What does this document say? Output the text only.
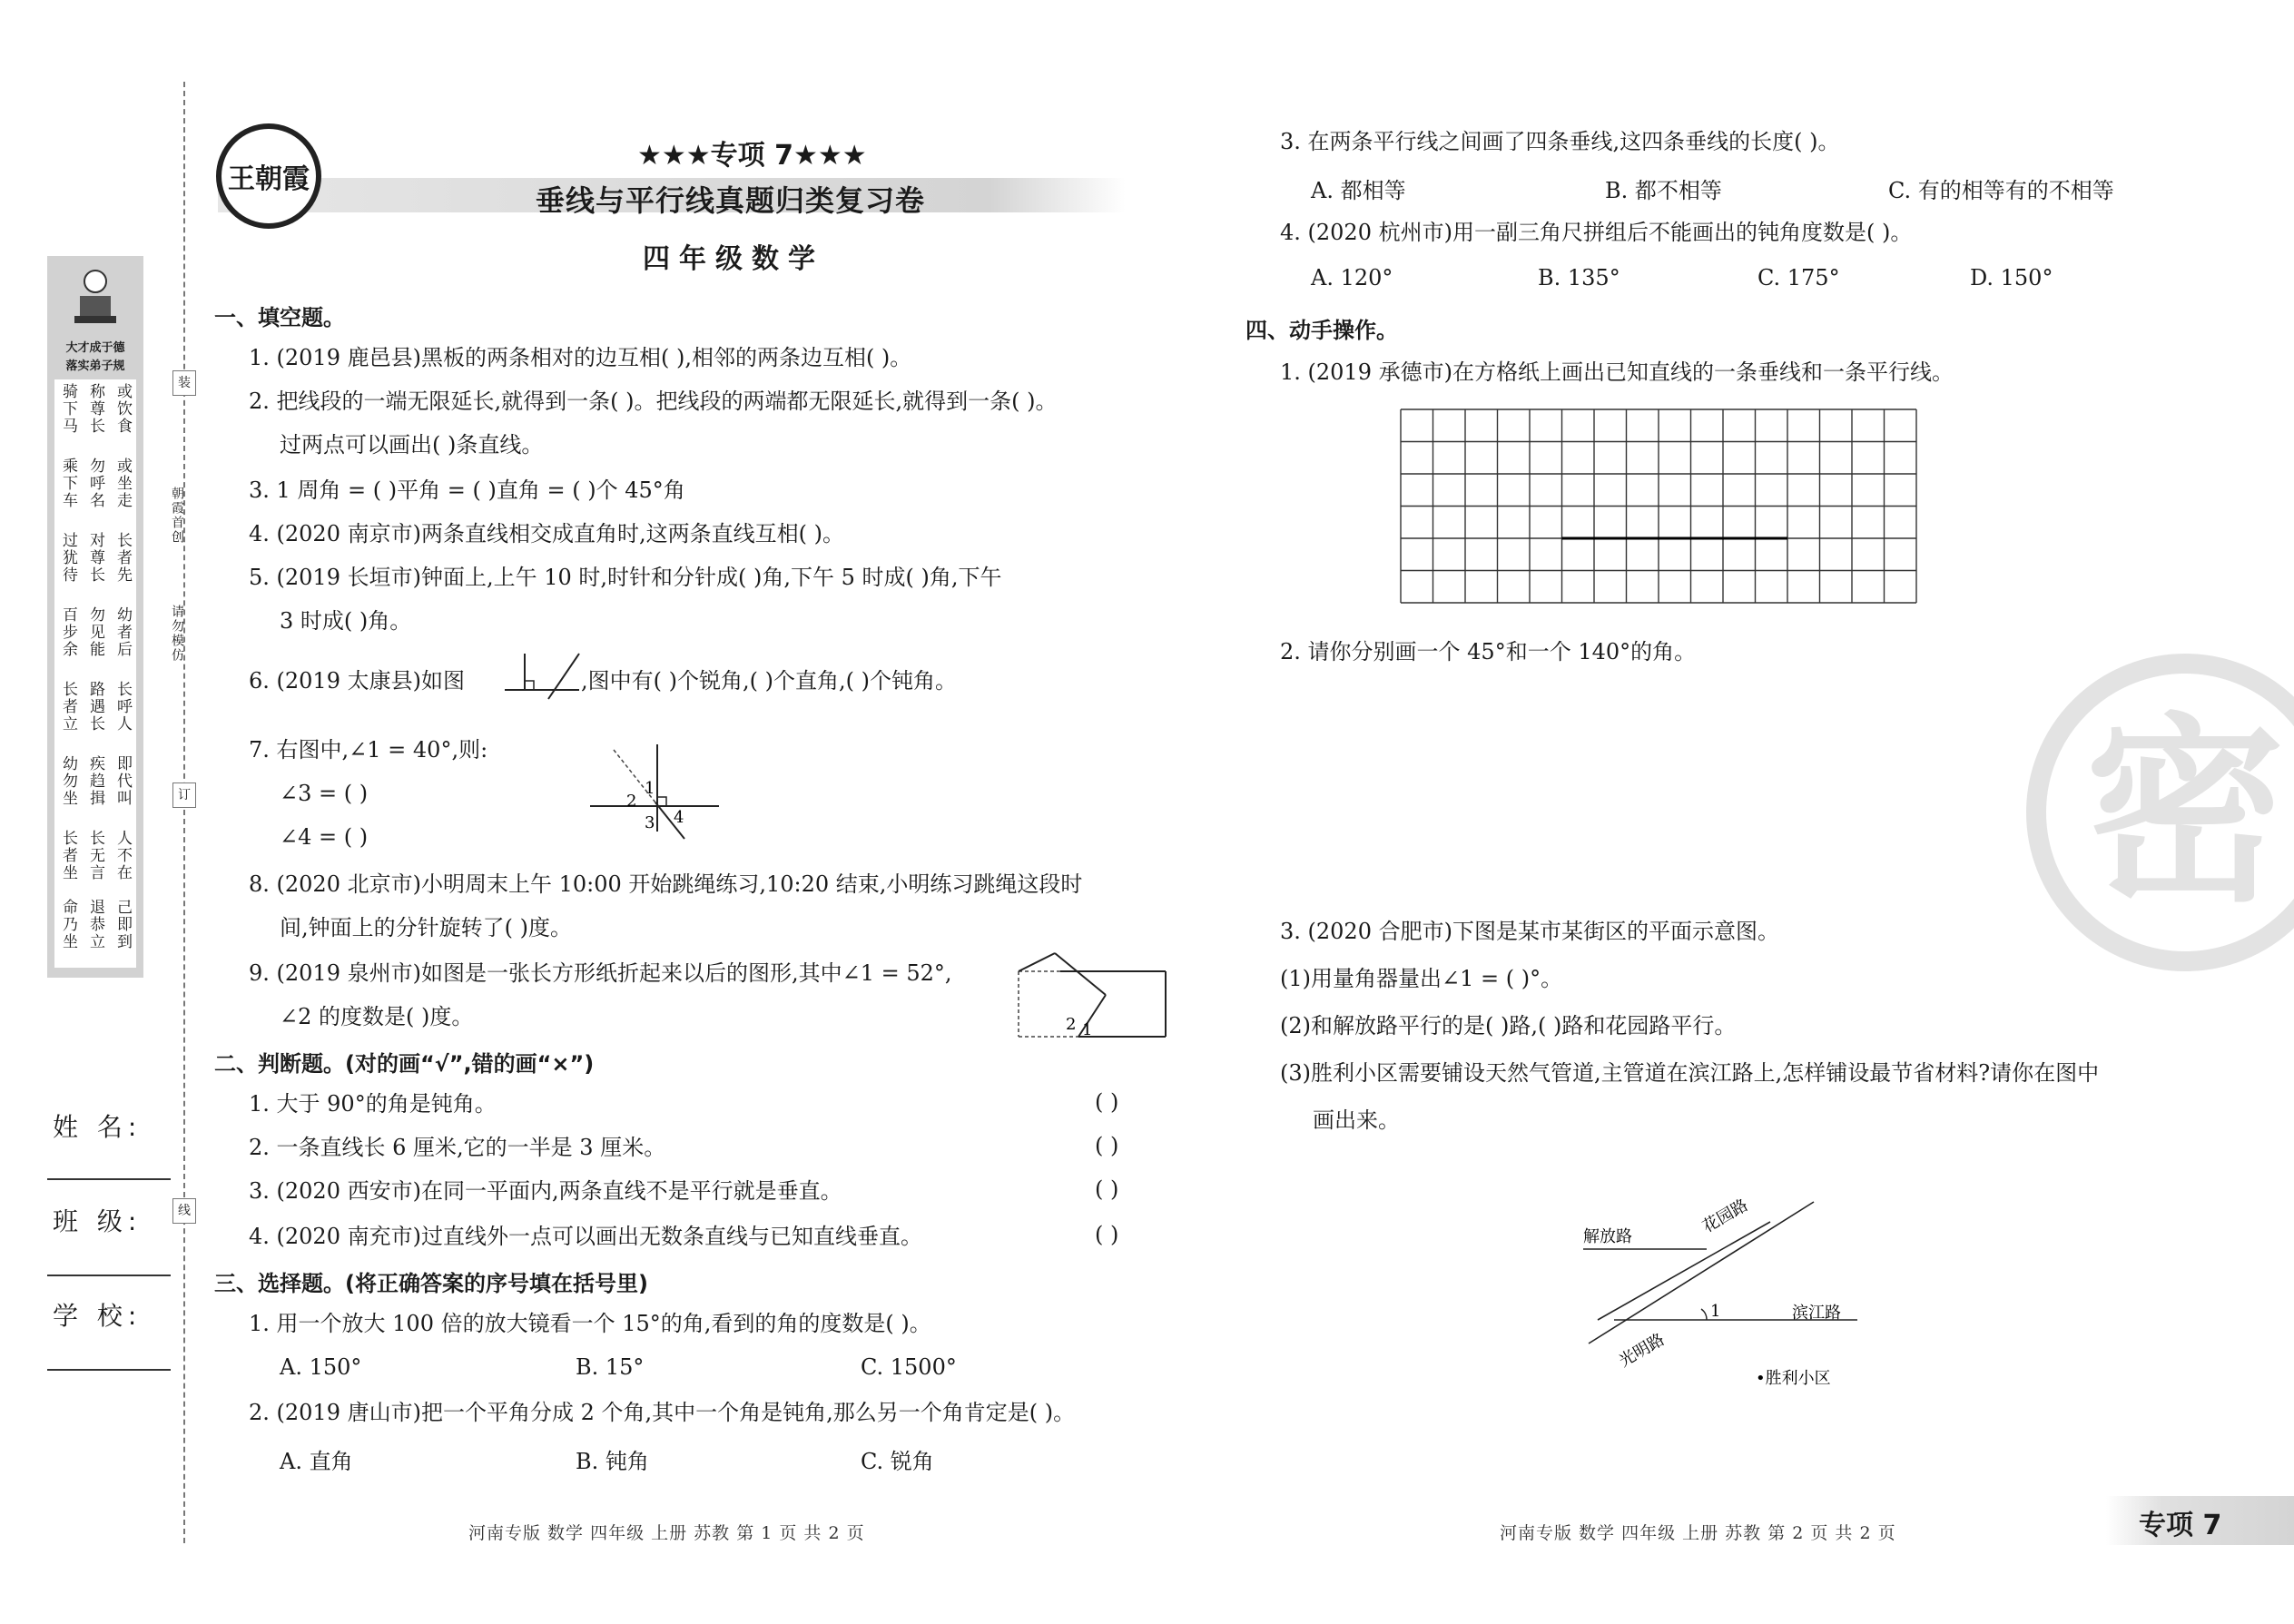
大才成于德
落实弟子规
骑下马 称尊长 或饮食
乘下车 勿呼名 或坐走
过犹待 对尊长 长者先
百步余 勿见能 幼者后
长者立 路遇长 长呼人
幼勿坐 疾趋揖 即代叫
长者坐 长无言 人不在
命乃坐 退恭立 己即到
姓 名:
班 级:
学 校:
装
朝霞首创
请勿模仿
订
线
王朝霞
★★★专项 7★★★
垂线与平行线真题归类复习卷
四年级数学
一、填空题。
1. (2019 鹿邑县)黑板的两条相对的边互相( ),相邻的两条边互相( )。
2. 把线段的一端无限延长,就得到一条( )。把线段的两端都无限延长,就得到一条( )。
过两点可以画出( )条直线。
3. 1 周角 = ( )平角 = ( )直角 = ( )个 45°角
4. (2020 南京市)两条直线相交成直角时,这两条直线互相( )。
5. (2019 长垣市)钟面上,上午 10 时,时针和分针成( )角,下午 5 时成( )角,下午
3 时成( )角。
6. (2019 太康县)如图	,图中有( )个锐角,( )个直角,( )个钝角。
7. 右图中,∠1 = 40°,则:
∠3 = ( )
∠4 = ( )
1
2
3 4
8. (2020 北京市)小明周末上午 10:00 开始跳绳练习,10:20 结束,小明练习跳绳这段时
间,钟面上的分针旋转了( )度。
9. (2019 泉州市)如图是一张长方形纸折起来以后的图形,其中∠1 = 52°,
∠2 的度数是( )度。	2 1
二、判断题。(对的画“√”,错的画“×”)
1. 大于 90°的角是钝角。	( )
2. 一条直线长 6 厘米,它的一半是 3 厘米。	( )
3. (2020 西安市)在同一平面内,两条直线不是平行就是垂直。	( )
4. (2020 南充市)过直线外一点可以画出无数条直线与已知直线垂直。	( )
三、选择题。(将正确答案的序号填在括号里)
1. 用一个放大 100 倍的放大镜看一个 15°的角,看到的角的度数是( )。
A. 150°	B. 15°	C. 1500°
2. (2019 唐山市)把一个平角分成 2 个角,其中一个角是钝角,那么另一个角肯定是( )。
A. 直角	B. 钝角	C. 锐角
河南专版 数学 四年级 上册 苏教 第 1 页 共 2 页
密
3. 在两条平行线之间画了四条垂线,这四条垂线的长度( )。
A. 都相等	B. 都不相等	C. 有的相等有的不相等
4. (2020 杭州市)用一副三角尺拼组后不能画出的钝角度数是( )。
A. 120°	B. 135°	C. 175°	D. 150°
四、动手操作。
1. (2019 承德市)在方格纸上画出已知直线的一条垂线和一条平行线。
2. 请你分别画一个 45°和一个 140°的角。
3. (2020 合肥市)下图是某市某街区的平面示意图。
(1)用量角器量出∠1 = ( )°。
(2)和解放路平行的是( )路,( )路和花园路平行。
(3)胜利小区需要铺设天然气管道,主管道在滨江路上,怎样铺设最节省材料?请你在图中
画出来。
解放路
花园路
光明路
滨江路
1
•胜利小区
河南专版 数学 四年级 上册 苏教 第 2 页 共 2 页	专项 7
